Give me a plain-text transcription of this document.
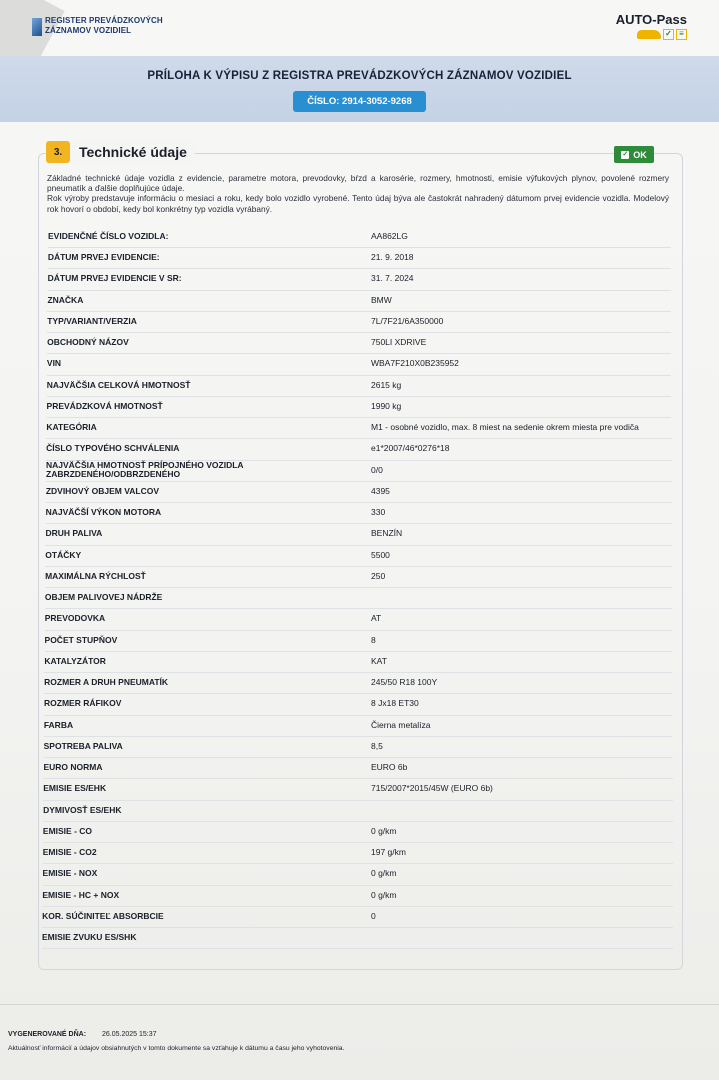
REGISTER PREVÁDZKOVÝCH
ZÁZNAMOV VOZIDIEL
AUTO-Pass
✓ ≡
PRÍLOHA K VÝPISU Z REGISTRA PREVÁDZKOVÝCH ZÁZNAMOV VOZIDIEL
ČÍSLO: 2914-3052-9268
3.	Technické údaje	✓ OK

Základné technické údaje vozidla z evidencie, parametre motora, prevodovky, bŕzd a karosérie, rozmery, hmotnosti, emisie výfukových plynov, povolené rozmery pneumatík a ďalšie doplňujúce údaje.

Rok výroby predstavuje informáciu o mesiaci a roku, kedy bolo vozidlo vyrobené. Tento údaj býva ale častokrát nahradený dátumom prvej evidencie vozidla. Modelový rok hovorí o období, kedy bol konkrétny typ vozidla vyrábaný.

EVIDENČNÉ ČÍSLO VOZIDLA:	AA862LG
DÁTUM PRVEJ EVIDENCIE:	21. 9. 2018
DÁTUM PRVEJ EVIDENCIE V SR:	31. 7. 2024
ZNAČKA	BMW
TYP/VARIANT/VERZIA	7L/7F21/6A350000
OBCHODNÝ NÁZOV	750LI XDRIVE
VIN	WBA7F210X0B235952
NAJVÄČŠIA CELKOVÁ HMOTNOSŤ	2615 kg
PREVÁDZKOVÁ HMOTNOSŤ	1990 kg
KATEGÓRIA	M1 - osobné vozidlo, max. 8 miest na sedenie okrem miesta pre vodiča
ČÍSLO TYPOVÉHO SCHVÁLENIA	e1*2007/46*0276*18
NAJVÄČŠIA HMOTNOSŤ PRÍPOJNÉHO VOZIDLA ZABRZDENÉHO/ODBRZDENÉHO	0/0
ZDVIHOVÝ OBJEM VALCOV	4395
NAJVÄČŠÍ VÝKON MOTORA	330
DRUH PALIVA	BENZÍN
OTÁČKY	5500
MAXIMÁLNA RÝCHLOSŤ	250
OBJEM PALIVOVEJ NÁDRŽE
PREVODOVKA	AT
POČET STUPŇOV	8
KATALYZÁTOR	KAT
ROZMER A DRUH PNEUMATÍK	245/50 R18 100Y
ROZMER RÁFIKOV	8 Jx18 ET30
FARBA	Čierna metalíza
SPOTREBA PALIVA	8,5
EURO NORMA	EURO 6b
EMISIE ES/EHK	715/2007*2015/45W (EURO 6b)
DYMIVOSŤ ES/EHK
EMISIE - CO	0 g/km
EMISIE - CO2	197 g/km
EMISIE - NOX	0 g/km
EMISIE - HC + NOX	0 g/km
KOR. SÚČINITEĽ ABSORBCIE	0
EMISIE ZVUKU ES/SHK
VYGENEROVANÉ DŇA: 26.05.2025 15:37
Aktuálnosť informácií a údajov obsiahnutých v tomto dokumente sa vzťahuje k dátumu a času jeho vyhotovenia.
